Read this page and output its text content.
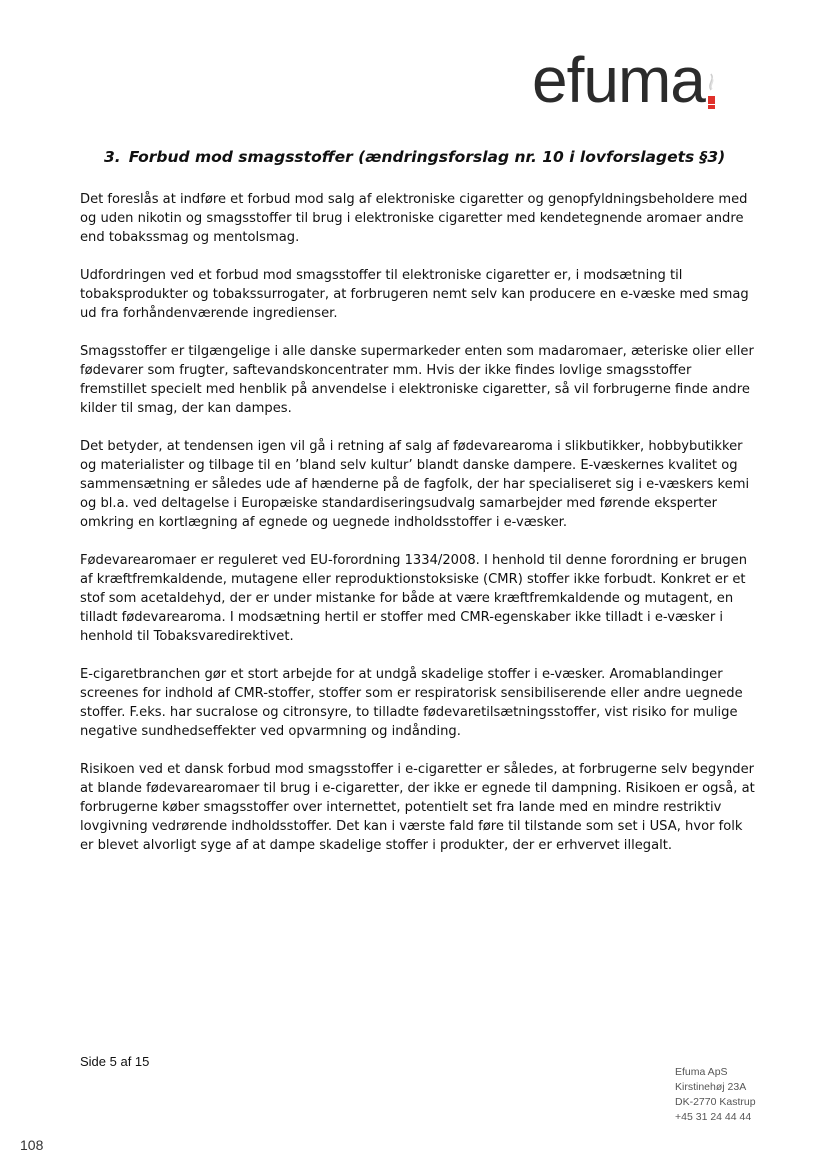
efuma
3. Forbud mod smagsstoffer (ændringsforslag nr. 10 i lovforslagets §3)

Det foreslås at indføre et forbud mod salg af elektroniske cigaretter og genopfyldningsbeholdere med og uden nikotin og smagsstoffer til brug i elektroniske cigaretter med kendetegnende aromaer andre end tobakssmag og mentolsmag.

Udfordringen ved et forbud mod smagsstoffer til elektroniske cigaretter er, i modsætning til tobaksprodukter og tobakssurrogater, at forbrugeren nemt selv kan producere en e-væske med smag ud fra forhåndenværende ingredienser.

Smagsstoffer er tilgængelige i alle danske supermarkeder enten som madaromaer, æteriske olier eller fødevarer som frugter, saftevandskoncentrater mm. Hvis der ikke findes lovlige smagsstoffer fremstillet specielt med henblik på anvendelse i elektroniske cigaretter, så vil forbrugerne finde andre kilder til smag, der kan dampes.

Det betyder, at tendensen igen vil gå i retning af salg af fødevarearoma i slikbutikker, hobbybutikker og materialister og tilbage til en ’bland selv kultur’ blandt danske dampere. E-væskernes kvalitet og sammensætning er således ude af hænderne på de fagfolk, der har specialiseret sig i e-væskers kemi og bl.a. ved deltagelse i Europæiske standardiseringsudvalg samarbejder med førende eksperter omkring en kortlægning af egnede og uegnede indholdsstoffer i e-væsker.

Fødevarearomaer er reguleret ved EU-forordning 1334/2008. I henhold til denne forordning er brugen af kræftfremkaldende, mutagene eller reproduktionstoksiske (CMR) stoffer ikke forbudt. Konkret er et stof som acetaldehyd, der er under mistanke for både at være kræftfremkaldende og mutagent, en tilladt fødevarearoma. I modsætning hertil er stoffer med CMR-egenskaber ikke tilladt i e-væsker i henhold til Tobaksvaredirektivet.

E-cigaretbranchen gør et stort arbejde for at undgå skadelige stoffer i e-væsker. Aromablandinger screenes for indhold af CMR-stoffer, stoffer som er respiratorisk sensibiliserende eller andre uegnede stoffer. F.eks. har sucralose og citronsyre, to tilladte fødevaretilsætningsstoffer, vist risiko for mulige negative sundhedseffekter ved opvarmning og indånding.

Risikoen ved et dansk forbud mod smagsstoffer i e-cigaretter er således, at forbrugerne selv begynder at blande fødevarearomaer til brug i e-cigaretter, der ikke er egnede til dampning. Risikoen er også, at forbrugerne køber smagsstoffer over internettet, potentielt set fra lande med en mindre restriktiv lovgivning vedrørende indholdsstoffer. Det kan i værste fald føre til tilstande som set i USA, hvor folk er blevet alvorligt syge af at dampe skadelige stoffer i produkter, der er erhvervet illegalt.

Side 5 af 15
Efuma ApS
Kirstinehøj 23A
DK-2770 Kastrup
+45 31 24 44 44
108
